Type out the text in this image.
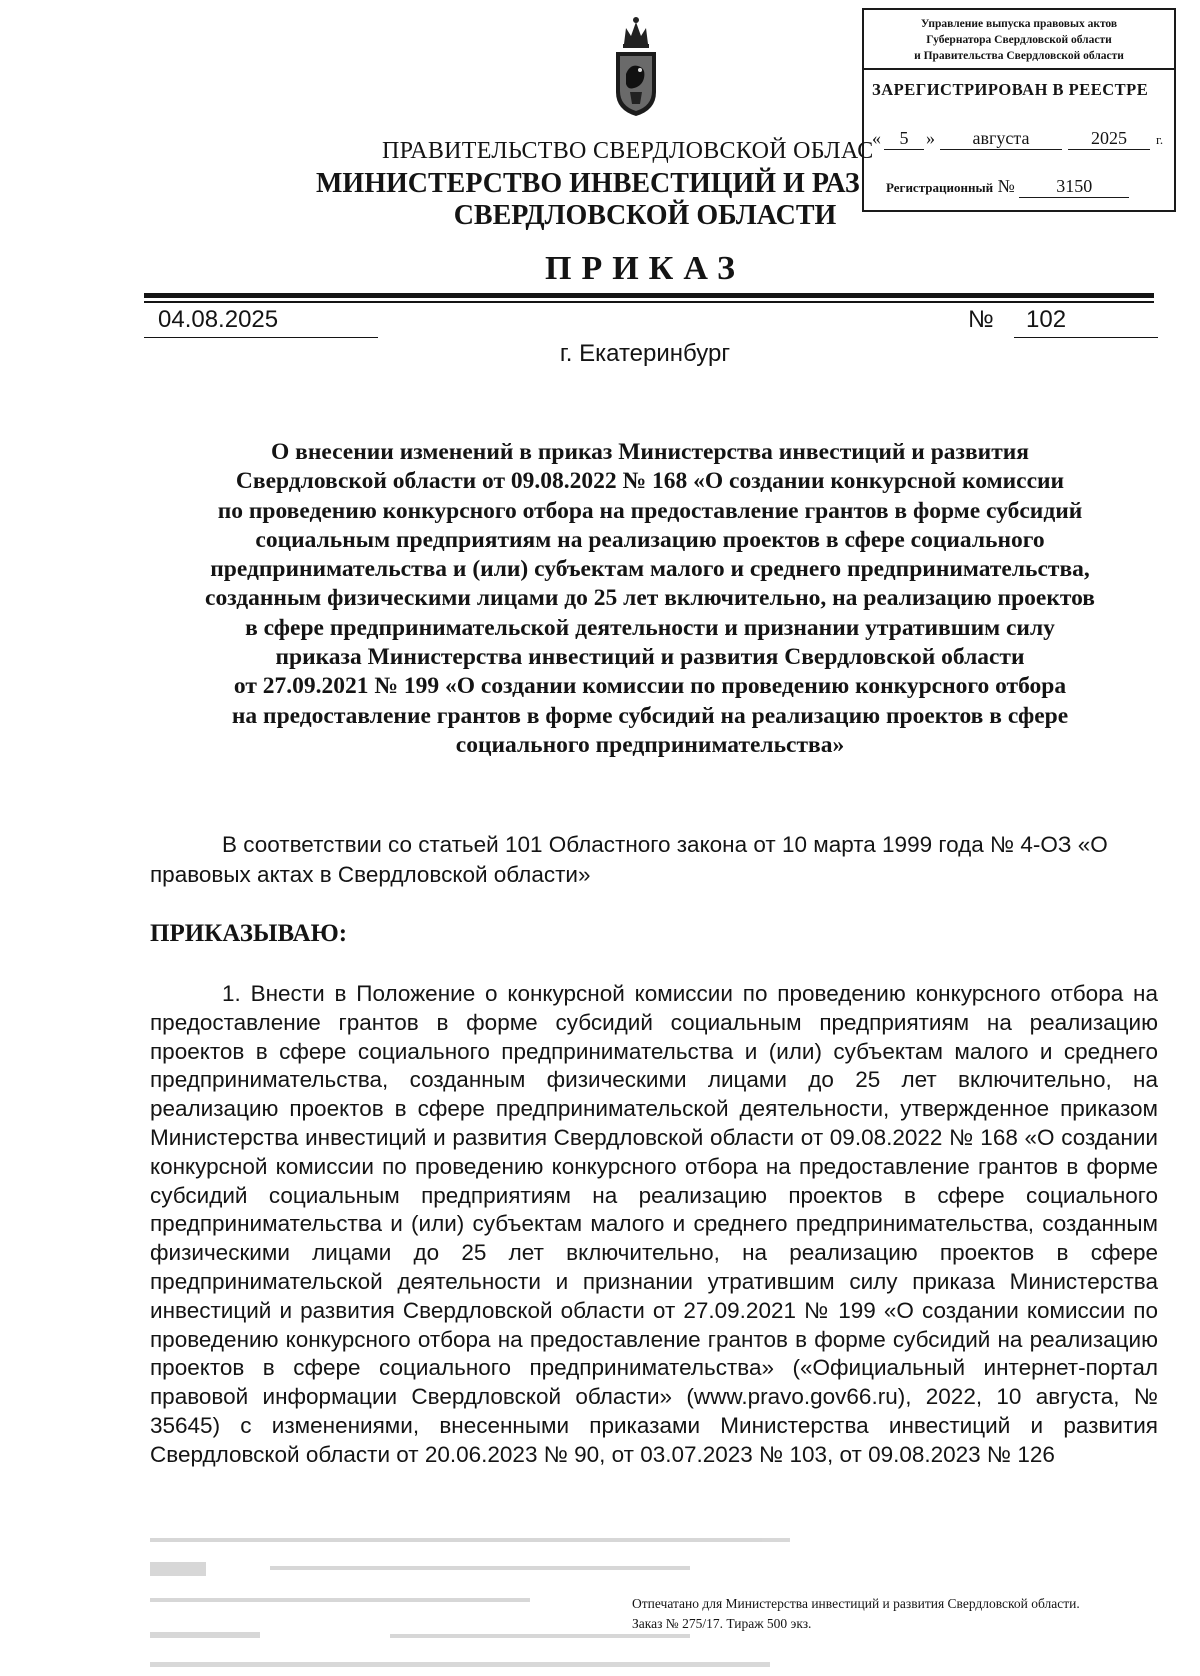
Управление выпуска правовых актов
Губернатора Свердловской области
и Правительства Свердловской области
ЗАРЕГИСТРИРОВАН В РЕЕСТРЕ
«	5 »	августа	2025	г.
Регистрационный № 3150
ПРАВИТЕЛЬСТВО СВЕРДЛОВСКОЙ ОБЛАС
МИНИСТЕРСТВО ИНВЕСТИЦИЙ И РАЗ
СВЕРДЛОВСКОЙ ОБЛАСТИ
ПРИКАЗ
04.08.2025	№ 102
г. Екатеринбург
О внесении изменений в приказ Министерства инвестиций и развития
Свердловской области от 09.08.2022 № 168 «О создании конкурсной комиссии
по проведению конкурсного отбора на предоставление грантов в форме субсидий
социальным предприятиям на реализацию проектов в сфере социального
предпринимательства и (или) субъектам малого и среднего предпринимательства,
созданным физическими лицами до 25 лет включительно, на реализацию проектов
в сфере предпринимательской деятельности и признании утратившим силу
приказа Министерства инвестиций и развития Свердловской области
от 27.09.2021 № 199 «О создании комиссии по проведению конкурсного отбора
на предоставление грантов в форме субсидий на реализацию проектов в сфере
социального предпринимательства»
В соответствии со статьей 101 Областного закона от 10 марта 1999 года № 4-ОЗ «О правовых актах в Свердловской области»
ПРИКАЗЫВАЮ:
1. Внести в Положение о конкурсной комиссии по проведению конкурсного отбора на предоставление грантов в форме субсидий социальным предприятиям на реализацию проектов в сфере социального предпринимательства и (или) субъектам малого и среднего предпринимательства, созданным физическими лицами до 25 лет включительно, на реализацию проектов в сфере предпринимательской деятельности, утвержденное приказом Министерства инвестиций и развития Свердловской области от 09.08.2022 № 168 «О создании конкурсной комиссии по проведению конкурсного отбора на предоставление грантов в форме субсидий социальным предприятиям на реализацию проектов в сфере социального предпринимательства и (или) субъектам малого и среднего предпринимательства, созданным физическими лицами до 25 лет включительно, на реализацию проектов в сфере предпринимательской деятельности и признании утратившим силу приказа Министерства инвестиций и развития Свердловской области от 27.09.2021 № 199 «О создании комиссии по проведению конкурсного отбора на предоставление грантов в форме субсидий на реализацию проектов в сфере социального предпринимательства» («Официальный интернет-портал правовой информации Свердловской области» (www.pravo.gov66.ru), 2022, 10 августа, № 35645) с изменениями, внесенными приказами Министерства инвестиций и развития Свердловской области от 20.06.2023 № 90, от 03.07.2023 № 103, от 09.08.2023 № 126
Отпечатано для Министерства инвестиций и развития Свердловской области.
Заказ № 275/17. Тираж 500 экз.
